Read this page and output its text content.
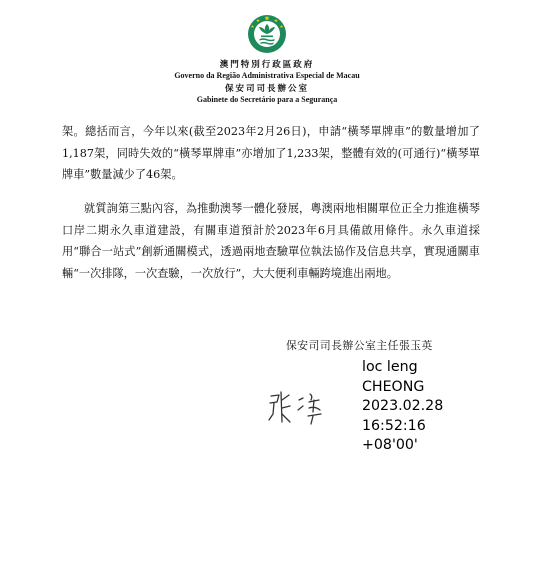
澳門特別行政區政府
Governo da Região Administrativa Especial de Macau
保安司司長辦公室
Gabinete do Secretário para a Segurança

架。總括而言，今年以來(截至2023年2月26日)，申請“橫琴單牌車”的數量增加了1,187架，同時失效的“橫琴單牌車”亦增加了1,233架，整體有效的(可通行)“橫琴單牌車”數量減少了46架。

就質詢第三點內容，為推動澳琴一體化發展，粵澳兩地相關單位正全力推進橫琴口岸二期永久車道建設，有關車道預計於2023年6月具備啟用條件。永久車道採用“聯合一站式”創新通關模式，透過兩地查驗單位執法協作及信息共享，實現通關車輛“一次排隊，一次查驗，一次放行”，大大便利車輛跨境進出兩地。

保安司司長辦公室主任張玉英
loc leng
CHEONG
2023.02.28
16:52:16
+08'00'
